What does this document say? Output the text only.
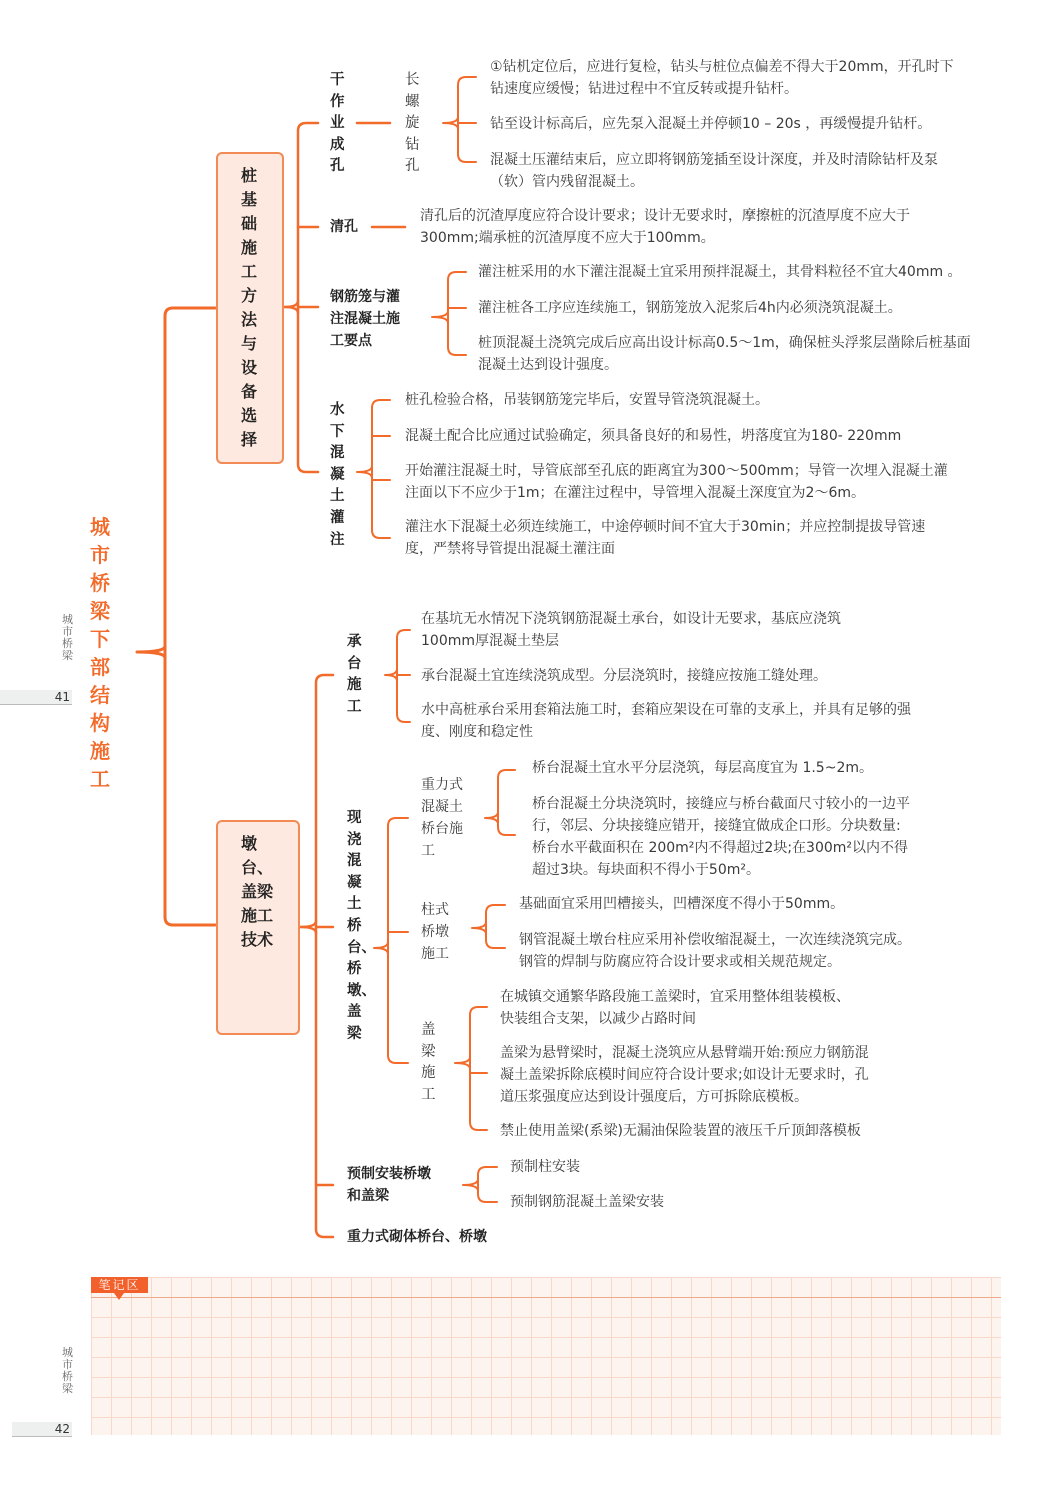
城市桥梁
41
城市桥梁
42
城市桥梁下部结构施工
桩基础施工方法与设备选择
墩台、盖梁施工技术
干作业成孔
长螺旋钻孔
①钻机定位后，应进行复检，钻头与桩位点偏差不得大于20mm，开孔时下钻速度应缓慢；钻进过程中不宜反转或提升钻杆。
钻至设计标高后，应先泵入混凝土并停顿10 – 20s ，再缓慢提升钻杆。
混凝土压灌结束后，应立即将钢筋笼插至设计深度，并及时清除钻杆及泵（软）管内残留混凝土。
清孔
清孔后的沉渣厚度应符合设计要求；设计无要求时，摩擦桩的沉渣厚度不应大于300mm;端承桩的沉渣厚度不应大于100mm。
钢筋笼与灌注混凝土施工要点
灌注桩采用的水下灌注混凝土宜采用预拌混凝土，其骨料粒径不宜大40mm 。
灌注桩各工序应连续施工，钢筋笼放入泥浆后4h内必须浇筑混凝土。
桩顶混凝土浇筑完成后应高出设计标高0.5～1m，确保桩头浮浆层凿除后桩基面混凝土达到设计强度。
水下混凝土灌注
桩孔检验合格，吊装钢筋笼完毕后，安置导管浇筑混凝土。
混凝土配合比应通过试验确定，须具备良好的和易性，坍落度宜为180- 220mm
开始灌注混凝土时，导管底部至孔底的距离宜为300～500mm；导管一次埋入混凝土灌注面以下不应少于1m；在灌注过程中，导管埋入混凝土深度宜为2～6m。
灌注水下混凝土必须连续施工，中途停顿时间不宜大于30min；并应控制提拔导管速度，严禁将导管提出混凝土灌注面
承台施工
在基坑无水情况下浇筑钢筋混凝土承台，如设计无要求，基底应浇筑100mm厚混凝土垫层
承台混凝土宜连续浇筑成型。分层浇筑时，接缝应按施工缝处理。
水中高桩承台采用套箱法施工时，套箱应架设在可靠的支承上，并具有足够的强度、刚度和稳定性
现浇混凝土桥台、桥墩、盖梁
重力式混凝土桥台施工
桥台混凝土宜水平分层浇筑，每层高度宜为 1.5~2m。
桥台混凝土分块浇筑时，接缝应与桥台截面尺寸较小的一边平行，邻层、分块接缝应错开，接缝宜做成企口形。分块数量:桥台水平截面积在 200m²内不得超过2块;在300m²以内不得超过3块。每块面积不得小于50m²。
柱式桥墩施工
基础面宜采用凹槽接头，凹槽深度不得小于50mm。
钢管混凝土墩台柱应采用补偿收缩混凝土，一次连续浇筑完成。钢管的焊制与防腐应符合设计要求或相关规范规定。
盖梁施工
在城镇交通繁华路段施工盖梁时，宜采用整体组装模板、快装组合支架，以减少占路时间
盖梁为悬臂梁时，混凝土浇筑应从悬臂端开始:预应力钢筋混凝土盖梁拆除底模时间应符合设计要求;如设计无要求时，孔道压浆强度应达到设计强度后，方可拆除底模板。
禁止使用盖梁(系梁)无漏油保险装置的液压千斤顶卸落模板
预制安装桥墩和盖梁
预制柱安装
预制钢筋混凝土盖梁安装
重力式砌体桥台、桥墩
笔记区
